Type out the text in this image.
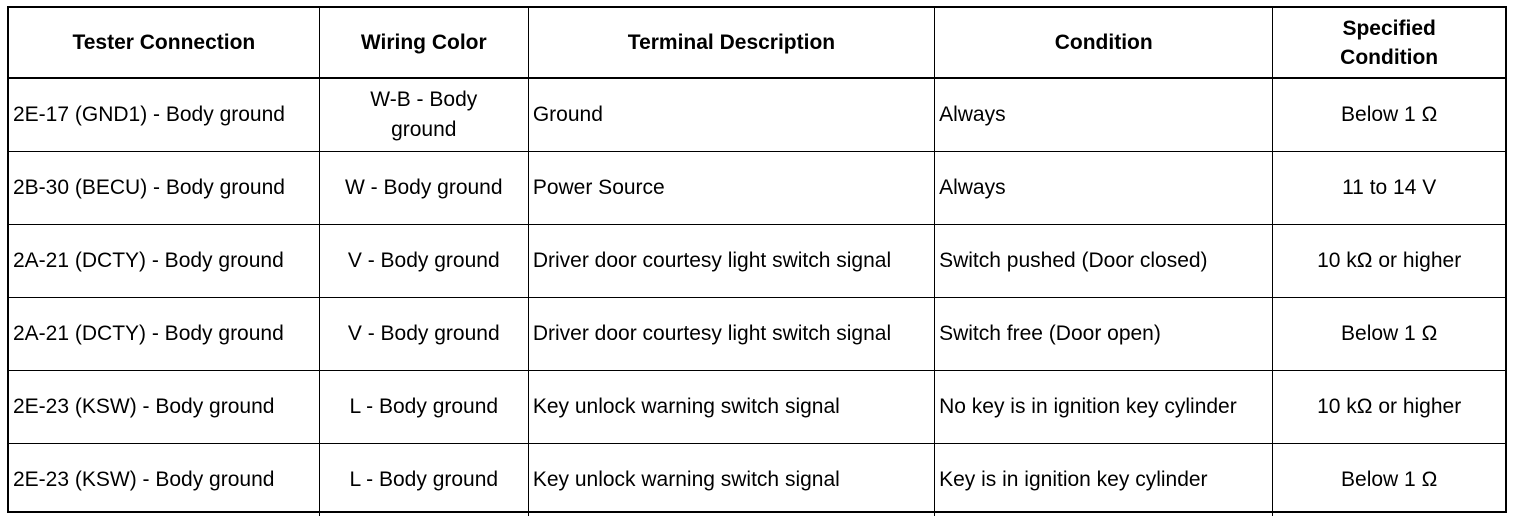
Tester Connection	Wiring Color	Terminal Description	Condition	Specified Condition
2E-17 (GND1) - Body ground	W-B - Body ground	Ground	Always	Below 1 Ω
2B-30 (BECU) - Body ground	W - Body ground	Power Source	Always	11 to 14 V
2A-21 (DCTY) - Body ground	V - Body ground	Driver door courtesy light switch signal	Switch pushed (Door closed)	10 kΩ or higher
2A-21 (DCTY) - Body ground	V - Body ground	Driver door courtesy light switch signal	Switch free (Door open)	Below 1 Ω
2E-23 (KSW) - Body ground	L - Body ground	Key unlock warning switch signal	No key is in ignition key cylinder	10 kΩ or higher
2E-23 (KSW) - Body ground	L - Body ground	Key unlock warning switch signal	Key is in ignition key cylinder	Below 1 Ω
